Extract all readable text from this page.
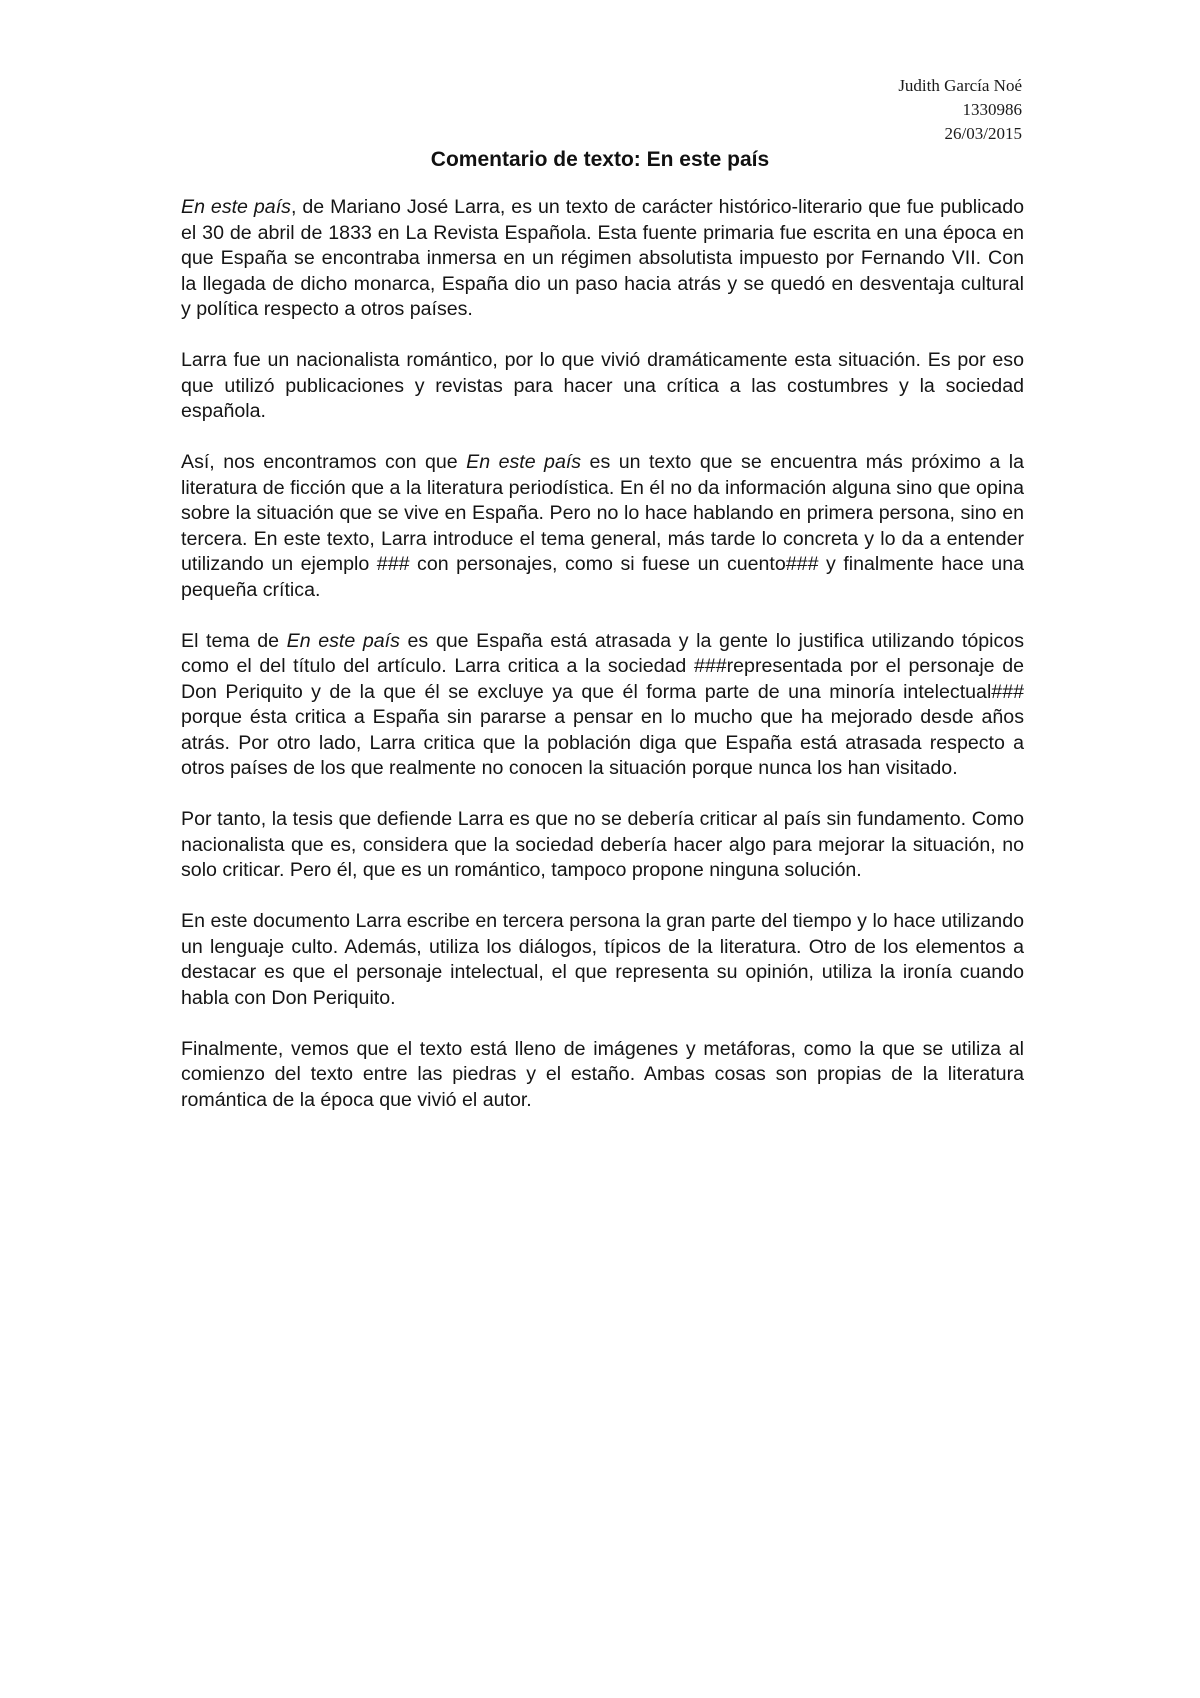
Judith García Noé
1330986
26/03/2015
Comentario de texto: En este país

En este país, de Mariano José Larra, es un texto de carácter histórico-literario que fue publicado el 30 de abril de 1833 en La Revista Española. Esta fuente primaria fue escrita en una época en que España se encontraba inmersa en un régimen absolutista impuesto por Fernando VII. Con la llegada de dicho monarca, España dio un paso hacia atrás y se quedó en desventaja cultural y política respecto a otros países.

Larra fue un nacionalista romántico, por lo que vivió dramáticamente esta situación. Es por eso que utilizó publicaciones y revistas para hacer una crítica a las costumbres y la sociedad española.

Así, nos encontramos con que En este país es un texto que se encuentra más próximo a la literatura de ficción que a la literatura periodística. En él no da información alguna sino que opina sobre la situación que se vive en España. Pero no lo hace hablando en primera persona, sino en tercera. En este texto, Larra introduce el tema general, más tarde lo concreta y lo da a entender utilizando un ejemplo ### con personajes, como si fuese un cuento### y finalmente hace una pequeña crítica.

El tema de En este país es que España está atrasada y la gente lo justifica utilizando tópicos como el del título del artículo. Larra critica a la sociedad ###representada por el personaje de Don Periquito y de la que él se excluye ya que él forma parte de una minoría intelectual### porque ésta critica a España sin pararse a pensar en lo mucho que ha mejorado desde años atrás. Por otro lado, Larra critica que la población diga que España está atrasada respecto a otros países de los que realmente no conocen la situación porque nunca los han visitado.

Por tanto, la tesis que defiende Larra es que no se debería criticar al país sin fundamento. Como nacionalista que es, considera que la sociedad debería hacer algo para mejorar la situación, no solo criticar. Pero él, que es un romántico, tampoco propone ninguna solución.

En este documento Larra escribe en tercera persona la gran parte del tiempo y lo hace utilizando un lenguaje culto. Además, utiliza los diálogos, típicos de la literatura. Otro de los elementos a destacar es que el personaje intelectual, el que representa su opinión, utiliza la ironía cuando habla con Don Periquito.

Finalmente, vemos que el texto está lleno de imágenes y metáforas, como la que se utiliza al comienzo del texto entre las piedras y el estaño. Ambas cosas son propias de la literatura romántica de la época que vivió el autor.
